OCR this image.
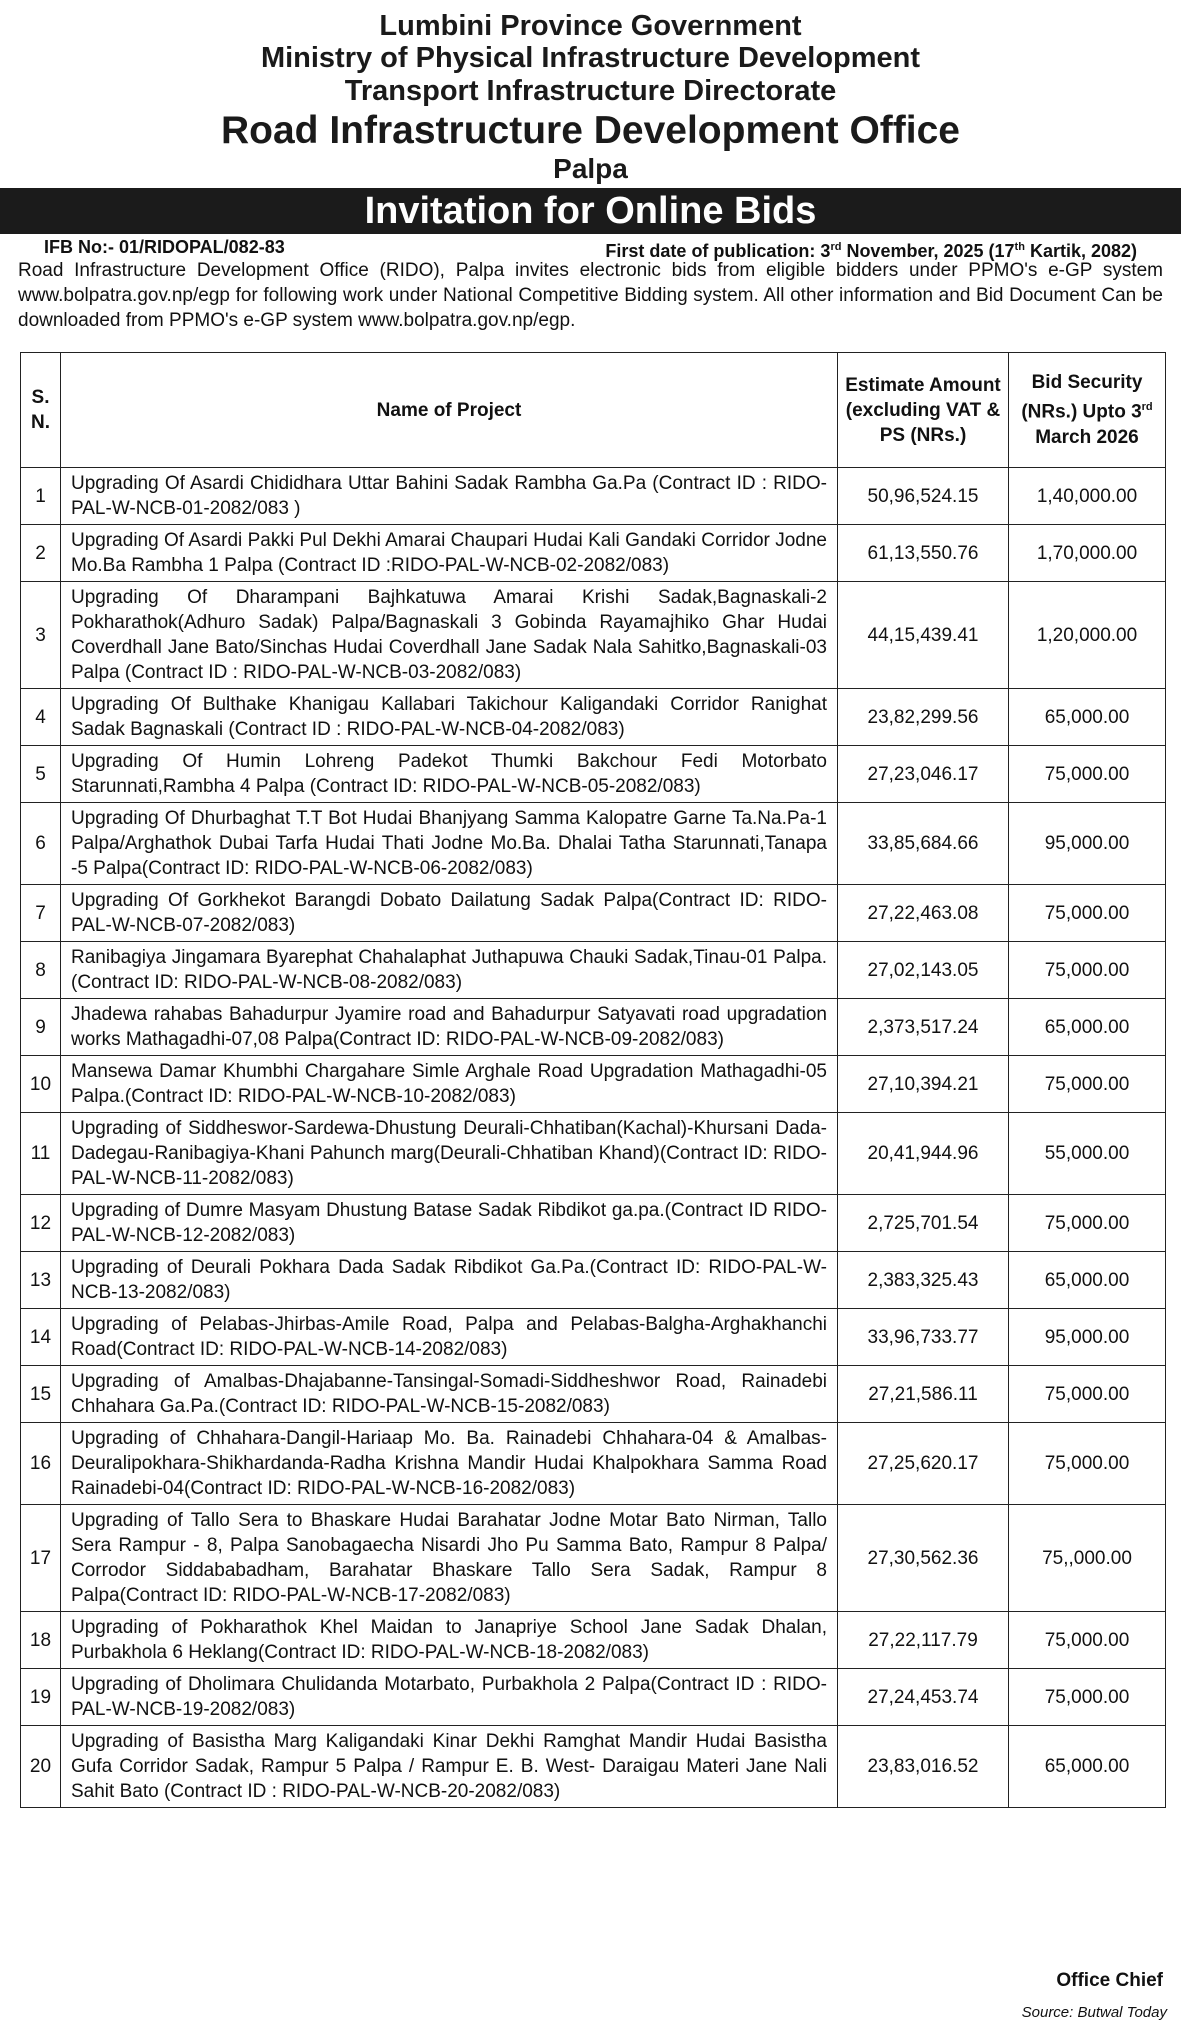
Lumbini Province Government
Ministry of Physical Infrastructure Development
Transport Infrastructure Directorate
Road Infrastructure Development Office
Palpa
Invitation for Online Bids
IFB No:- 01/RIDOPAL/082-83	First date of publication: 3rd November, 2025 (17th Kartik, 2082)
Road Infrastructure Development Office (RIDO), Palpa invites electronic bids from eligible bidders under PPMO's e-GP system www.bolpatra.gov.np/egp for following work under National Competitive Bidding system. All other information and Bid Document Can be downloaded from PPMO's e-GP system www.bolpatra.gov.np/egp.
S. N.	Name of Project	Estimate Amount (excluding VAT & PS (NRs.)	Bid Security (NRs.) Upto 3rd March 2026
1	Upgrading Of Asardi Chididhara Uttar Bahini Sadak Rambha Ga.Pa (Contract ID : RIDO-PAL-W-NCB-01-2082/083 )	50,96,524.15	1,40,000.00
2	Upgrading Of Asardi Pakki Pul Dekhi Amarai Chaupari Hudai Kali Gandaki Corridor Jodne Mo.Ba Rambha 1 Palpa (Contract ID :RIDO-PAL-W-NCB-02-2082/083)	61,13,550.76	1,70,000.00
3	Upgrading Of Dharampani Bajhkatuwa Amarai Krishi Sadak,Bagnaskali-2 Pokharathok(Adhuro Sadak) Palpa/Bagnaskali 3 Gobinda Rayamajhiko Ghar Hudai Coverdhall Jane Bato/Sinchas Hudai Coverdhall Jane Sadak Nala Sahitko,Bagnaskali-03 Palpa (Contract ID : RIDO-PAL-W-NCB-03-2082/083)	44,15,439.41	1,20,000.00
4	Upgrading Of Bulthake Khanigau Kallabari Takichour Kaligandaki Corridor Ranighat Sadak Bagnaskali (Contract ID : RIDO-PAL-W-NCB-04-2082/083)	23,82,299.56	65,000.00
5	Upgrading Of Humin Lohreng Padekot Thumki Bakchour Fedi Motorbato Starunnati,Rambha 4 Palpa (Contract ID: RIDO-PAL-W-NCB-05-2082/083)	27,23,046.17	75,000.00
6	Upgrading Of Dhurbaghat T.T Bot Hudai Bhanjyang Samma Kalopatre Garne Ta.Na.Pa-1 Palpa/Arghathok Dubai Tarfa Hudai Thati Jodne Mo.Ba. Dhalai Tatha Starunnati,Tanapa -5 Palpa(Contract ID: RIDO-PAL-W-NCB-06-2082/083)	33,85,684.66	95,000.00
7	Upgrading Of Gorkhekot Barangdi Dobato Dailatung Sadak Palpa(Contract ID: RIDO-PAL-W-NCB-07-2082/083)	27,22,463.08	75,000.00
8	Ranibagiya Jingamara Byarephat Chahalaphat Juthapuwa Chauki Sadak,Tinau-01 Palpa.(Contract ID: RIDO-PAL-W-NCB-08-2082/083)	27,02,143.05	75,000.00
9	Jhadewa rahabas Bahadurpur Jyamire road and Bahadurpur Satyavati road upgradation works Mathagadhi-07,08 Palpa(Contract ID: RIDO-PAL-W-NCB-09-2082/083)	2,373,517.24	65,000.00
10	Mansewa Damar Khumbhi Chargahare Simle Arghale Road Upgradation Mathagadhi-05 Palpa.(Contract ID: RIDO-PAL-W-NCB-10-2082/083)	27,10,394.21	75,000.00
11	Upgrading of Siddheswor-Sardewa-Dhustung Deurali-Chhatiban(Kachal)-Khursani Dada-Dadegau-Ranibagiya-Khani Pahunch marg(Deurali-Chhatiban Khand)(Contract ID: RIDO-PAL-W-NCB-11-2082/083)	20,41,944.96	55,000.00
12	Upgrading of Dumre Masyam Dhustung Batase Sadak Ribdikot ga.pa.(Contract ID RIDO-PAL-W-NCB-12-2082/083)	2,725,701.54	75,000.00
13	Upgrading of Deurali Pokhara Dada Sadak Ribdikot Ga.Pa.(Contract ID: RIDO-PAL-W-NCB-13-2082/083)	2,383,325.43	65,000.00
14	Upgrading of Pelabas-Jhirbas-Amile Road, Palpa and Pelabas-Balgha-Arghakhanchi Road(Contract ID: RIDO-PAL-W-NCB-14-2082/083)	33,96,733.77	95,000.00
15	Upgrading of Amalbas-Dhajabanne-Tansingal-Somadi-Siddheshwor Road, Rainadebi Chhahara Ga.Pa.(Contract ID: RIDO-PAL-W-NCB-15-2082/083)	27,21,586.11	75,000.00
16	Upgrading of Chhahara-Dangil-Hariaap Mo. Ba. Rainadebi Chhahara-04 & Amalbas-Deuralipokhara-Shikhardanda-Radha Krishna Mandir Hudai Khalpokhara Samma Road Rainadebi-04(Contract ID: RIDO-PAL-W-NCB-16-2082/083)	27,25,620.17	75,000.00
17	Upgrading of Tallo Sera to Bhaskare Hudai Barahatar Jodne Motar Bato Nirman, Tallo Sera Rampur - 8, Palpa Sanobagaecha Nisardi Jho Pu Samma Bato, Rampur 8 Palpa/ Corrodor Siddababadham, Barahatar Bhaskare Tallo Sera Sadak, Rampur 8 Palpa(Contract ID: RIDO-PAL-W-NCB-17-2082/083)	27,30,562.36	75,,000.00
18	Upgrading of Pokharathok Khel Maidan to Janapriye School Jane Sadak Dhalan, Purbakhola 6 Heklang(Contract ID: RIDO-PAL-W-NCB-18-2082/083)	27,22,117.79	75,000.00
19	Upgrading of Dholimara Chulidanda Motarbato, Purbakhola 2 Palpa(Contract ID : RIDO-PAL-W-NCB-19-2082/083)	27,24,453.74	75,000.00
20	Upgrading of Basistha Marg Kaligandaki Kinar Dekhi Ramghat Mandir Hudai Basistha Gufa Corridor Sadak, Rampur 5 Palpa / Rampur E. B. West- Daraigau Materi Jane Nali Sahit Bato (Contract ID : RIDO-PAL-W-NCB-20-2082/083)	23,83,016.52	65,000.00
Office Chief
Source: Butwal Today
